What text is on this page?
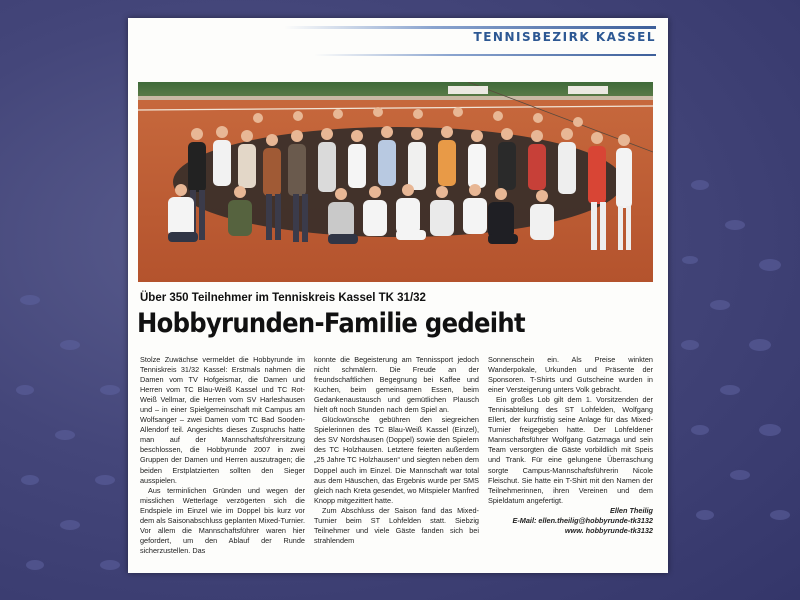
TENNISBEZIRK KASSEL
Über 350 Teilnehmer im Tenniskreis Kassel TK 31/32
Hobbyrunden-Familie gedeiht

Stolze Zuwächse vermeldet die Hobbyrunde im Tenniskreis 31/32 Kassel: Erstmals nahmen die Damen vom TV Hofgeismar, die Damen und Herren vom TC Blau-Weiß Kassel und TC Rot-Weiß Vellmar, die Herren vom SV Harleshausen und – in einer Spielgemeinschaft mit Campus am Wolfsanger – zwei Damen vom TC Bad Sooden-Allendorf teil. Angesichts dieses Zuspruchs hatte man auf der Mannschaftsführersitzung beschlossen, die Hobbyrunde 2007 in zwei Gruppen der Damen und Herren auszutragen; die beiden Erstplatzierten sollten den Sieger ausspielen.

Aus terminlichen Gründen und wegen der misslichen Wetterlage verzögerten sich die Endspiele im Einzel wie im Doppel bis kurz vor dem als Saisonabschluss geplanten Mixed-Turnier. Vor allem die Mannschaftsführer waren hier gefordert, um den Ablauf der Runde sicherzustellen. Das

konnte die Begeisterung am Tennissport jedoch nicht schmälern. Die Freude an der freundschaftlichen Begegnung bei Kaffee und Kuchen, beim gemeinsamen Essen, beim Gedankenaustausch und gemütlichen Plausch hielt oft noch Stunden nach dem Spiel an.

Glückwünsche gebühren den siegreichen Spielerinnen des TC Blau-Weiß Kassel (Einzel), des SV Nordshausen (Doppel) sowie den Spielern des TC Holzhausen. Letztere feierten außerdem „25 Jahre TC Holzhausen“ und siegten neben dem Doppel auch im Einzel. Die Mannschaft war total aus dem Häuschen, das Ergebnis wurde per SMS gleich nach Kreta gesendet, wo Mitspieler Manfred Knopp mitgezittert hatte.

Zum Abschluss der Saison fand das Mixed-Turnier beim ST Lohfelden statt. Siebzig Teilnehmer und viele Gäste fanden sich bei strahlendem

Sonnenschein ein. Als Preise winkten Wanderpokale, Urkunden und Präsente der Sponsoren. T-Shirts und Gutscheine wurden in einer Versteigerung unters Volk gebracht.

Ein großes Lob gilt dem 1. Vorsitzenden der Tennisabteilung des ST Lohfelden, Wolfgang Ellert, der kurzfristig seine Anlage für das Mixed-Turnier freigegeben hatte. Der Lohfeldener Mannschaftsführer Wolfgang Gatzmaga und sein Team versorgten die Gäste vorbildlich mit Speis und Trank. Für eine gelungene Überraschung sorgte Campus-Mannschaftsführerin Nicole Fleischut. Sie hatte ein T-Shirt mit den Namen der Teilnehmerinnen, ihren Vereinen und dem Spieldatum angefertigt.

Ellen Theilig

E-Mail: ellen.theilig@hobbyrunde-tk3132

www. hobbyrunde-tk3132
